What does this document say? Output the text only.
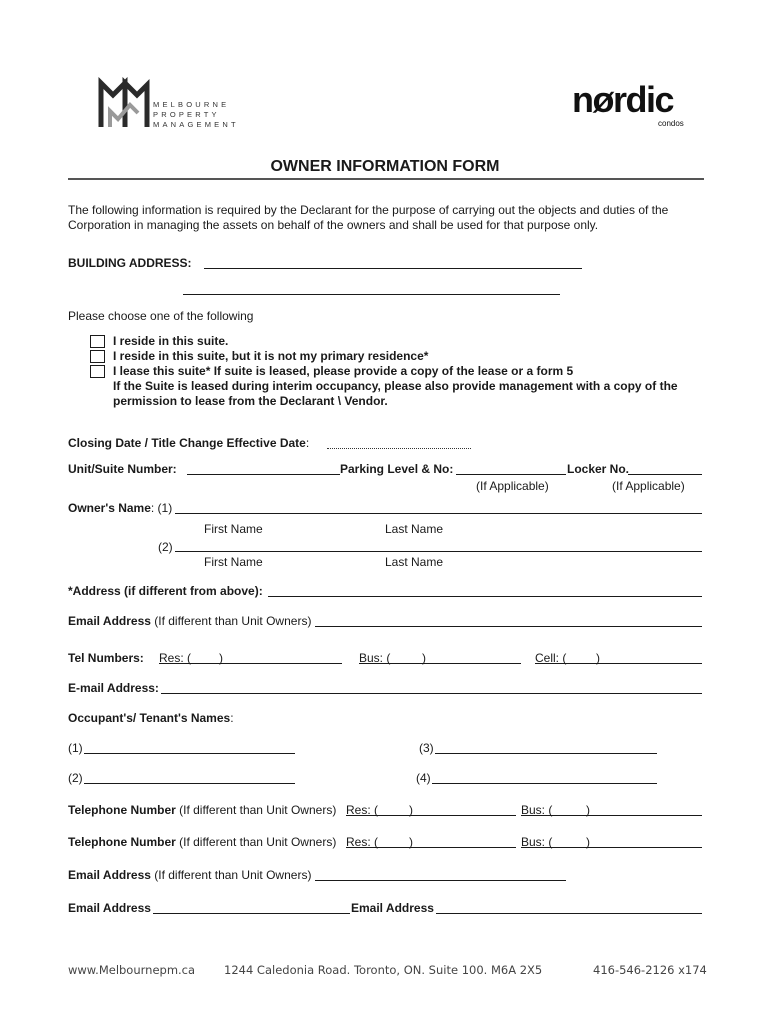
MELBOURNE
PROPERTY
MANAGEMENT
nørdic
condos
OWNER INFORMATION FORM
The following information is required by the Declarant for the purpose of carrying out the objects and duties of the Corporation in managing the assets on behalf of the owners and shall be used for that purpose only.
BUILDING ADDRESS:
Please choose one of the following
I reside in this suite.
I reside in this suite, but it is not my primary residence*
I lease this suite* If suite is leased, please provide a copy of the lease or a form 5
If the Suite is leased during interim occupancy, please also provide management with a copy of the
permission to lease from the Declarant \ Vendor.
Closing Date / Title Change Effective Date:
Unit/Suite Number:	Parking Level & No:	Locker No.
(If Applicable)	(If Applicable)
Owner's Name: (1)
First Name	Last Name
(2)
First Name	Last Name
*Address (if different from above):
Email Address (If different than Unit Owners)
Tel Numbers: Res: ( )	Bus: (	)	Cell: ( )
E-mail Address:
Occupant's/ Tenant's Names:
(1)	(3)
(2)	(4)
Telephone Number (If different than Unit Owners) Res: (	)	Bus: (	)
Telephone Number (If different than Unit Owners) Res: (	)	Bus: (	)
Email Address (If different than Unit Owners)
Email Address	Email Address
www.Melbournepm.ca	1244 Caledonia Road. Toronto, ON. Suite 100. M6A 2X5	416-546-2126 x174
